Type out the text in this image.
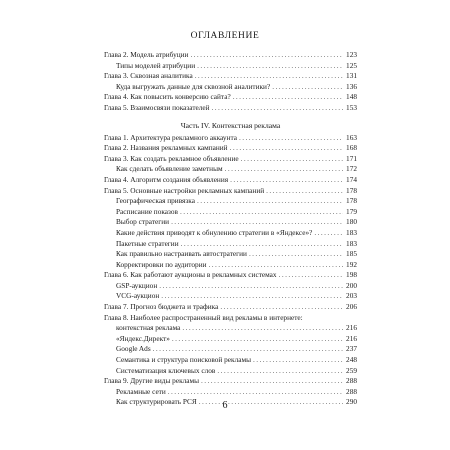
ОГЛАВЛЕНИЕ
Глава 2. Модель атрибуции . . .	123
Типы моделей атрибуции . . .	125
Глава 3. Сквозная аналитика . . .	131
Куда выгружать данные для сквозной аналитики? . . .	136
Глава 4. Как повысить конверсию сайта? . . .	148
Глава 5. Взаимосвязи показателей . . .	153
Часть IV. Контекстная реклама
Глава 1. Архитектура рекламного аккаунта . . .	163
Глава 2. Названия рекламных кампаний . . .	168
Глава 3. Как создать рекламное объявление . . .	171
Как сделать объявление заметным . . .	172
Глава 4. Алгоритм создания объявления . . .	174
Глава 5. Основные настройки рекламных кампаний . . .	178
Географическая привязка . . .	178
Расписание показов . . .	179
Выбор стратегии . . .	180
Какие действия приводят к обнулению стратегии в «Яндексе»? . . .	183
Пакетные стратегии . . .	183
Как правильно настраивать автостратегии . . .	185
Корректировки по аудитории . . .	192
Глава 6. Как работают аукционы в рекламных системах . . .	198
GSP-аукцион . . .	200
VCG-аукцион . . .	203
Глава 7. Прогноз бюджета и трафика . . .	206
Глава 8. Наиболее распространенный вид рекламы в интернете:
контекстная реклама . . .	216
«Яндекс.Директ» . . .	216
Google Ads . . .	237
Семантика и структура поисковой рекламы . . .	248
Систематизация ключевых слов . . .	259
Глава 9. Другие виды рекламы . . .	288
Рекламные сети . . .	288
Как структурировать РСЯ . . .	290
6
